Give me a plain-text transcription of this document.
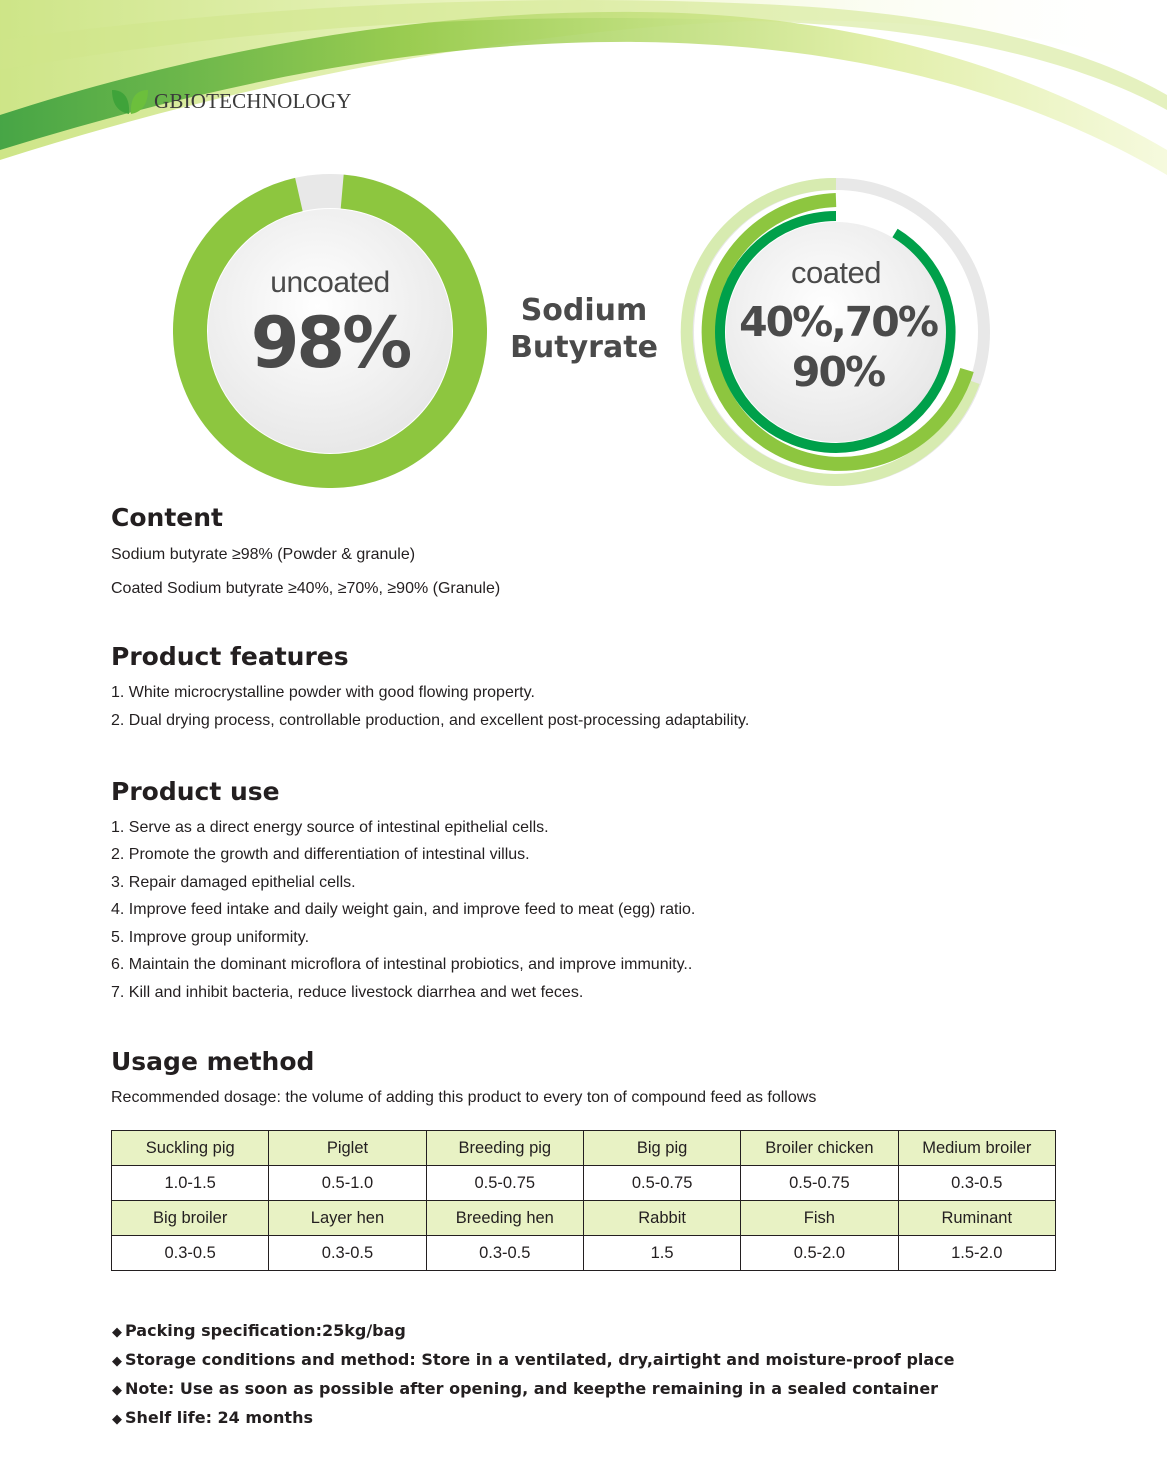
GBIOTECHNOLOGY
uncoated
98%	Sodium
Butyrate
coated
40%,70%
90%
Content
Sodium butyrate ≥98% (Powder & granule)
Coated Sodium butyrate ≥40%, ≥70%, ≥90% (Granule)
Product features
1. White microcrystalline powder with good flowing property.
2. Dual drying process, controllable production, and excellent post-processing adaptability.
Product use
1. Serve as a direct energy source of intestinal epithelial cells.
2. Promote the growth and differentiation of intestinal villus.
3. Repair damaged epithelial cells.
4. Improve feed intake and daily weight gain, and improve feed to meat (egg) ratio.
5. Improve group uniformity.
6. Maintain the dominant microflora of intestinal probiotics, and improve immunity..
7. Kill and inhibit bacteria, reduce livestock diarrhea and wet feces.
Usage method
Recommended dosage: the volume of adding this product to every ton of compound feed as follows
Suckling pig	Piglet	Breeding pig	Big pig	Broiler chicken	Medium broiler
1.0-1.5	0.5-1.0	0.5-0.75	0.5-0.75	0.5-0.75	0.3-0.5
Big broiler	Layer hen	Breeding hen	Rabbit	Fish	Ruminant
0.3-0.5	0.3-0.5	0.3-0.5	1.5	0.5-2.0	1.5-2.0
◆ Packing specification:25kg/bag
◆ Storage conditions and method: Store in a ventilated, dry,airtight and moisture-proof place
◆ Note: Use as soon as possible after opening, and keepthe remaining in a sealed container
◆ Shelf life: 24 months
